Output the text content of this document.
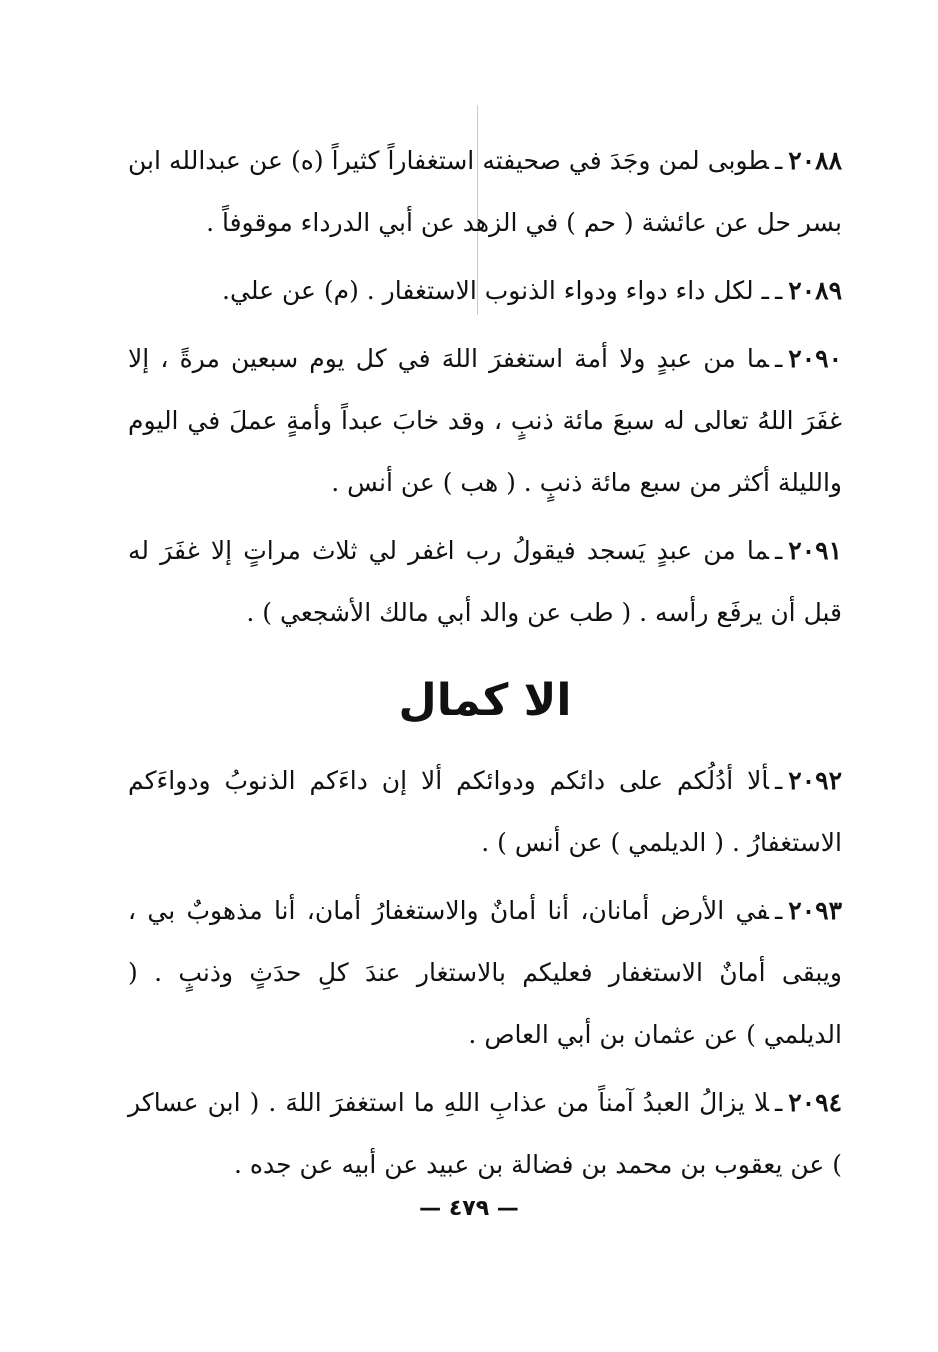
٢٠٨٨ـطوبى لمن وجَدَ في صحيفته استغفاراً كثيراً (ه) عن عبدالله ابن بسر حل عن عائشة ( حم ) في الزهد عن أبي الدرداء موقوفاً .

٢٠٨٩ــ لكل داء دواء ودواء الذنوب الاستغفار . (م) عن علي.

٢٠٩٠ـما من عبدٍ ولا أمة استغفرَ اللهَ في كل يوم سبعين مرةً ، إلا غفَرَ اللهُ تعالى له سبعَ مائة ذنبٍ ، وقد خابَ عبداً وأمةٍ عملَ في اليوم والليلة أكثر من سبع مائة ذنبٍ . ( هب ) عن أنس .

٢٠٩١ـما من عبدٍ يَسجد فيقولُ رب اغفر لي ثلاث مراتٍ إلا غفَرَ له قبل أن يرفَع رأسه . ( طب عن والد أبي مالك الأشجعي ) .

الا كمال

٢٠٩٢ـألا أدُلُكم على دائكم ودوائكم ألا إن داءَكم الذنوبُ ودواءَكم الاستغفارُ . ( الديلمي ) عن أنس ) .

٢٠٩٣ـفي الأرض أمانان، أنا أمانٌ والاستغفارُ أمان، أنا مذهوبٌ بي ، ويبقى أمانٌ الاستغفار فعليكم بالاستغار عندَ كلِ حدَثٍ وذنبٍ . ( الديلمي ) عن عثمان بن أبي العاص .

٢٠٩٤ـلا يزالُ العبدُ آمناً من عذابِ اللهِ ما استغفرَ اللهَ . ( ابن عساكر ) عن يعقوب بن محمد بن فضالة بن عبيد عن أبيه عن جده .

— ٤٧٩ —
